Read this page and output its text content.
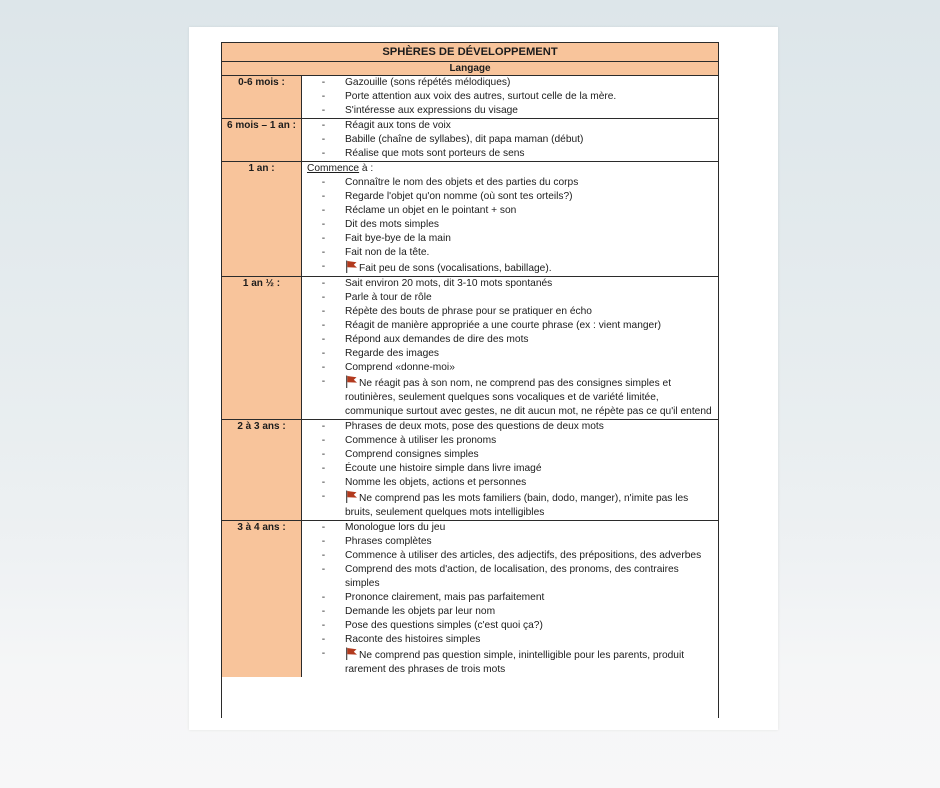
SPHÈRES DE DÉVELOPPEMENT
Langage
0-6 mois :	-	Gazouille (sons répétés mélodiques)
-	Porte attention aux voix des autres, surtout celle de la mère.
-	S'intéresse aux expressions du visage
6 mois – 1 an :	-	Réagit aux tons de voix
-	Babille (chaîne de syllabes), dit papa maman (début)
-	Réalise que mots sont porteurs de sens
1 an :	Commence à :
-	Connaître le nom des objets et des parties du corps
-	Regarde l'objet qu'on nomme (où sont tes orteils?)
-	Réclame un objet en le pointant + son
-	Dit des mots simples
-	Fait bye-bye de la main
-	Fait non de la tête.
-	Fait peu de sons (vocalisations, babillage).
1 an ½ :	-	Sait environ 20 mots, dit 3-10 mots spontanés
-	Parle à tour de rôle
-	Répète des bouts de phrase pour se pratiquer en écho
-	Réagit de manière appropriée a une courte phrase (ex : vient manger)
-	Répond aux demandes de dire des mots
-	Regarde des images
-	Comprend «donne-moi»
-	Ne réagit pas à son nom, ne comprend pas des consignes simples et routinières, seulement quelques sons vocaliques et de variété limitée, communique surtout avec gestes, ne dit aucun mot, ne répète pas ce qu'il entend
2 à 3 ans :	-	Phrases de deux mots, pose des questions de deux mots
-	Commence à utiliser les pronoms
-	Comprend consignes simples
-	Écoute une histoire simple dans livre imagé
-	Nomme les objets, actions et personnes
-	Ne comprend pas les mots familiers (bain, dodo, manger), n'imite pas les bruits, seulement quelques mots intelligibles
3 à 4 ans :	-	Monologue lors du jeu
-	Phrases complètes
-	Commence à utiliser des articles, des adjectifs, des prépositions, des adverbes
-	Comprend des mots d'action, de localisation, des pronoms, des contraires simples
-	Prononce clairement, mais pas parfaitement
-	Demande les objets par leur nom
-	Pose des questions simples (c'est quoi ça?)
-	Raconte des histoires simples
-	Ne comprend pas question simple, inintelligible pour les parents, produit rarement des phrases de trois mots
